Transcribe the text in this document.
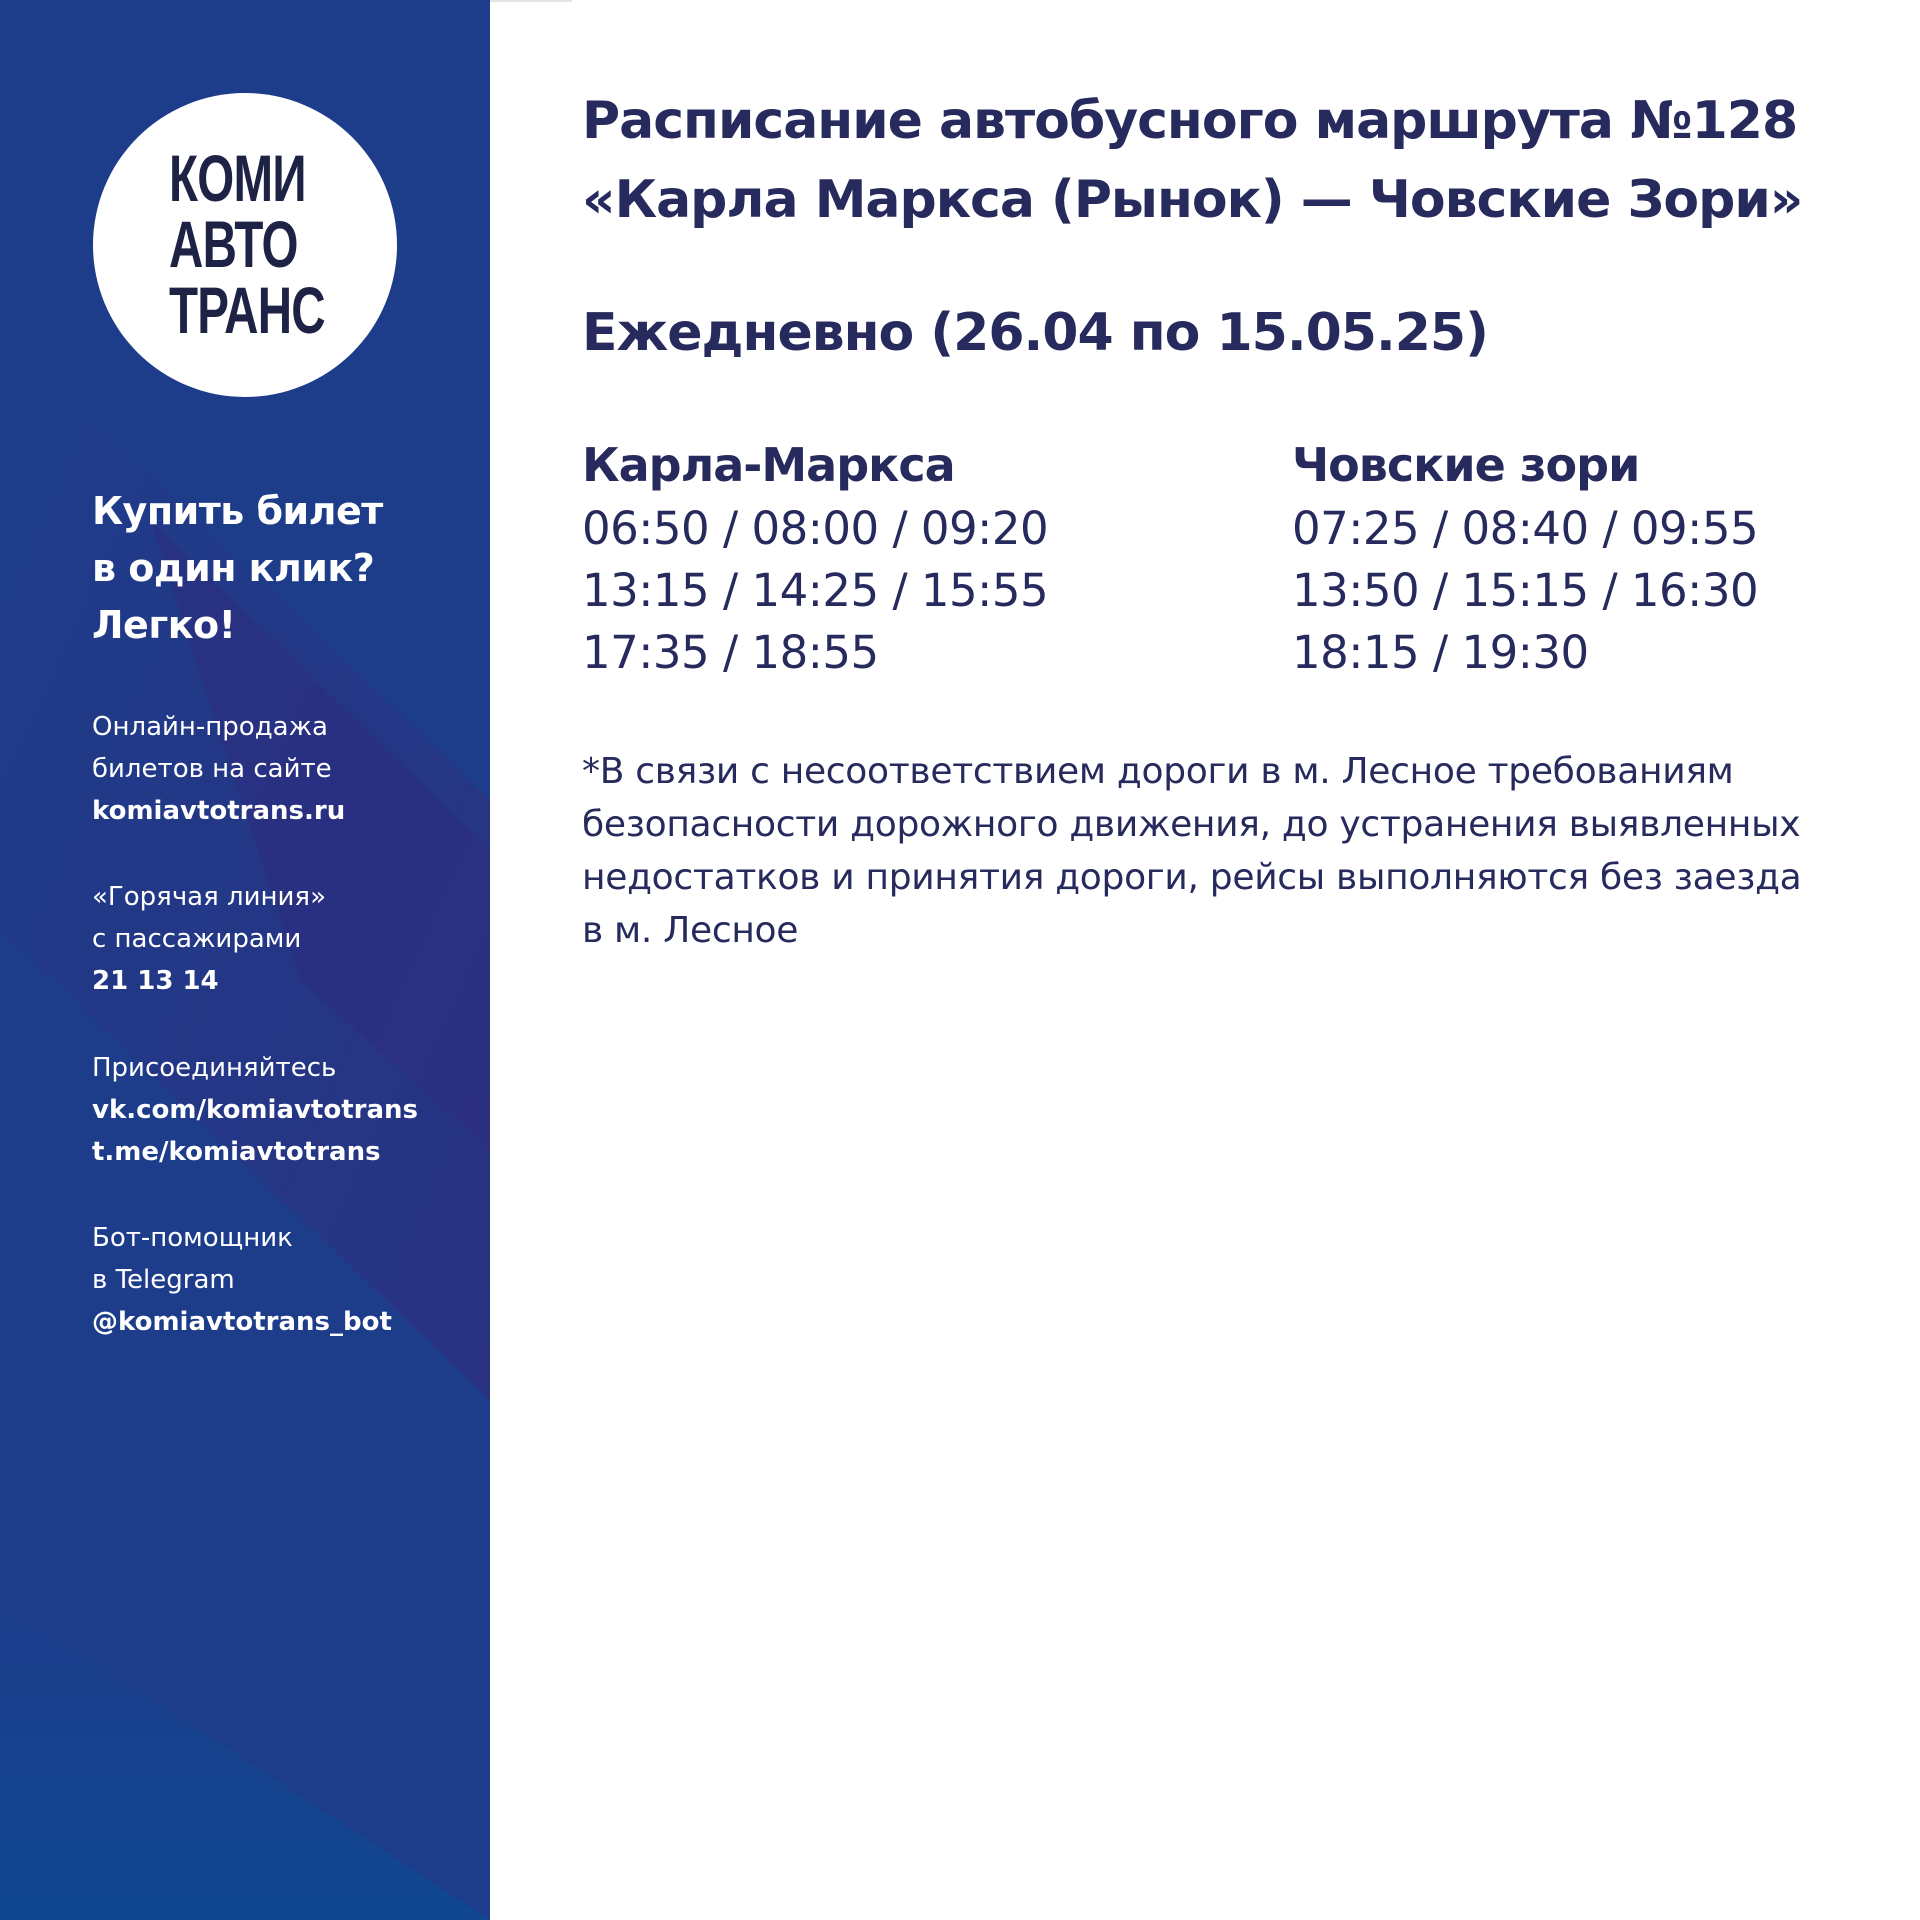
КОМИ
АВТО
ТРАНС
Купить билет
в один клик?
Легко!
Онлайн-продажа
билетов на сайте
komiavtotrans.ru
«Горячая линия»
с пассажирами
21 13 14
Присоединяйтесь
vk.com/komiavtotrans
t.me/komiavtotrans
Бот-помощник
в Telegram
@komiavtotrans_bot
Расписание автобусного маршрута №128
«Карла Маркса (Рынок) — Човские Зори»
Ежедневно (26.04 по 15.05.25)
Карла-Маркса
06:50 / 08:00 / 09:20
13:15 / 14:25 / 15:55
17:35 / 18:55
Човские зори
07:25 / 08:40 / 09:55
13:50 / 15:15 / 16:30
18:15 / 19:30
*В связи с несоответствием дороги в м. Лесное требованиям
безопасности дорожного движения, до устранения выявленных
недостатков и принятия дороги, рейсы выполняются без заезда
в м. Лесное
